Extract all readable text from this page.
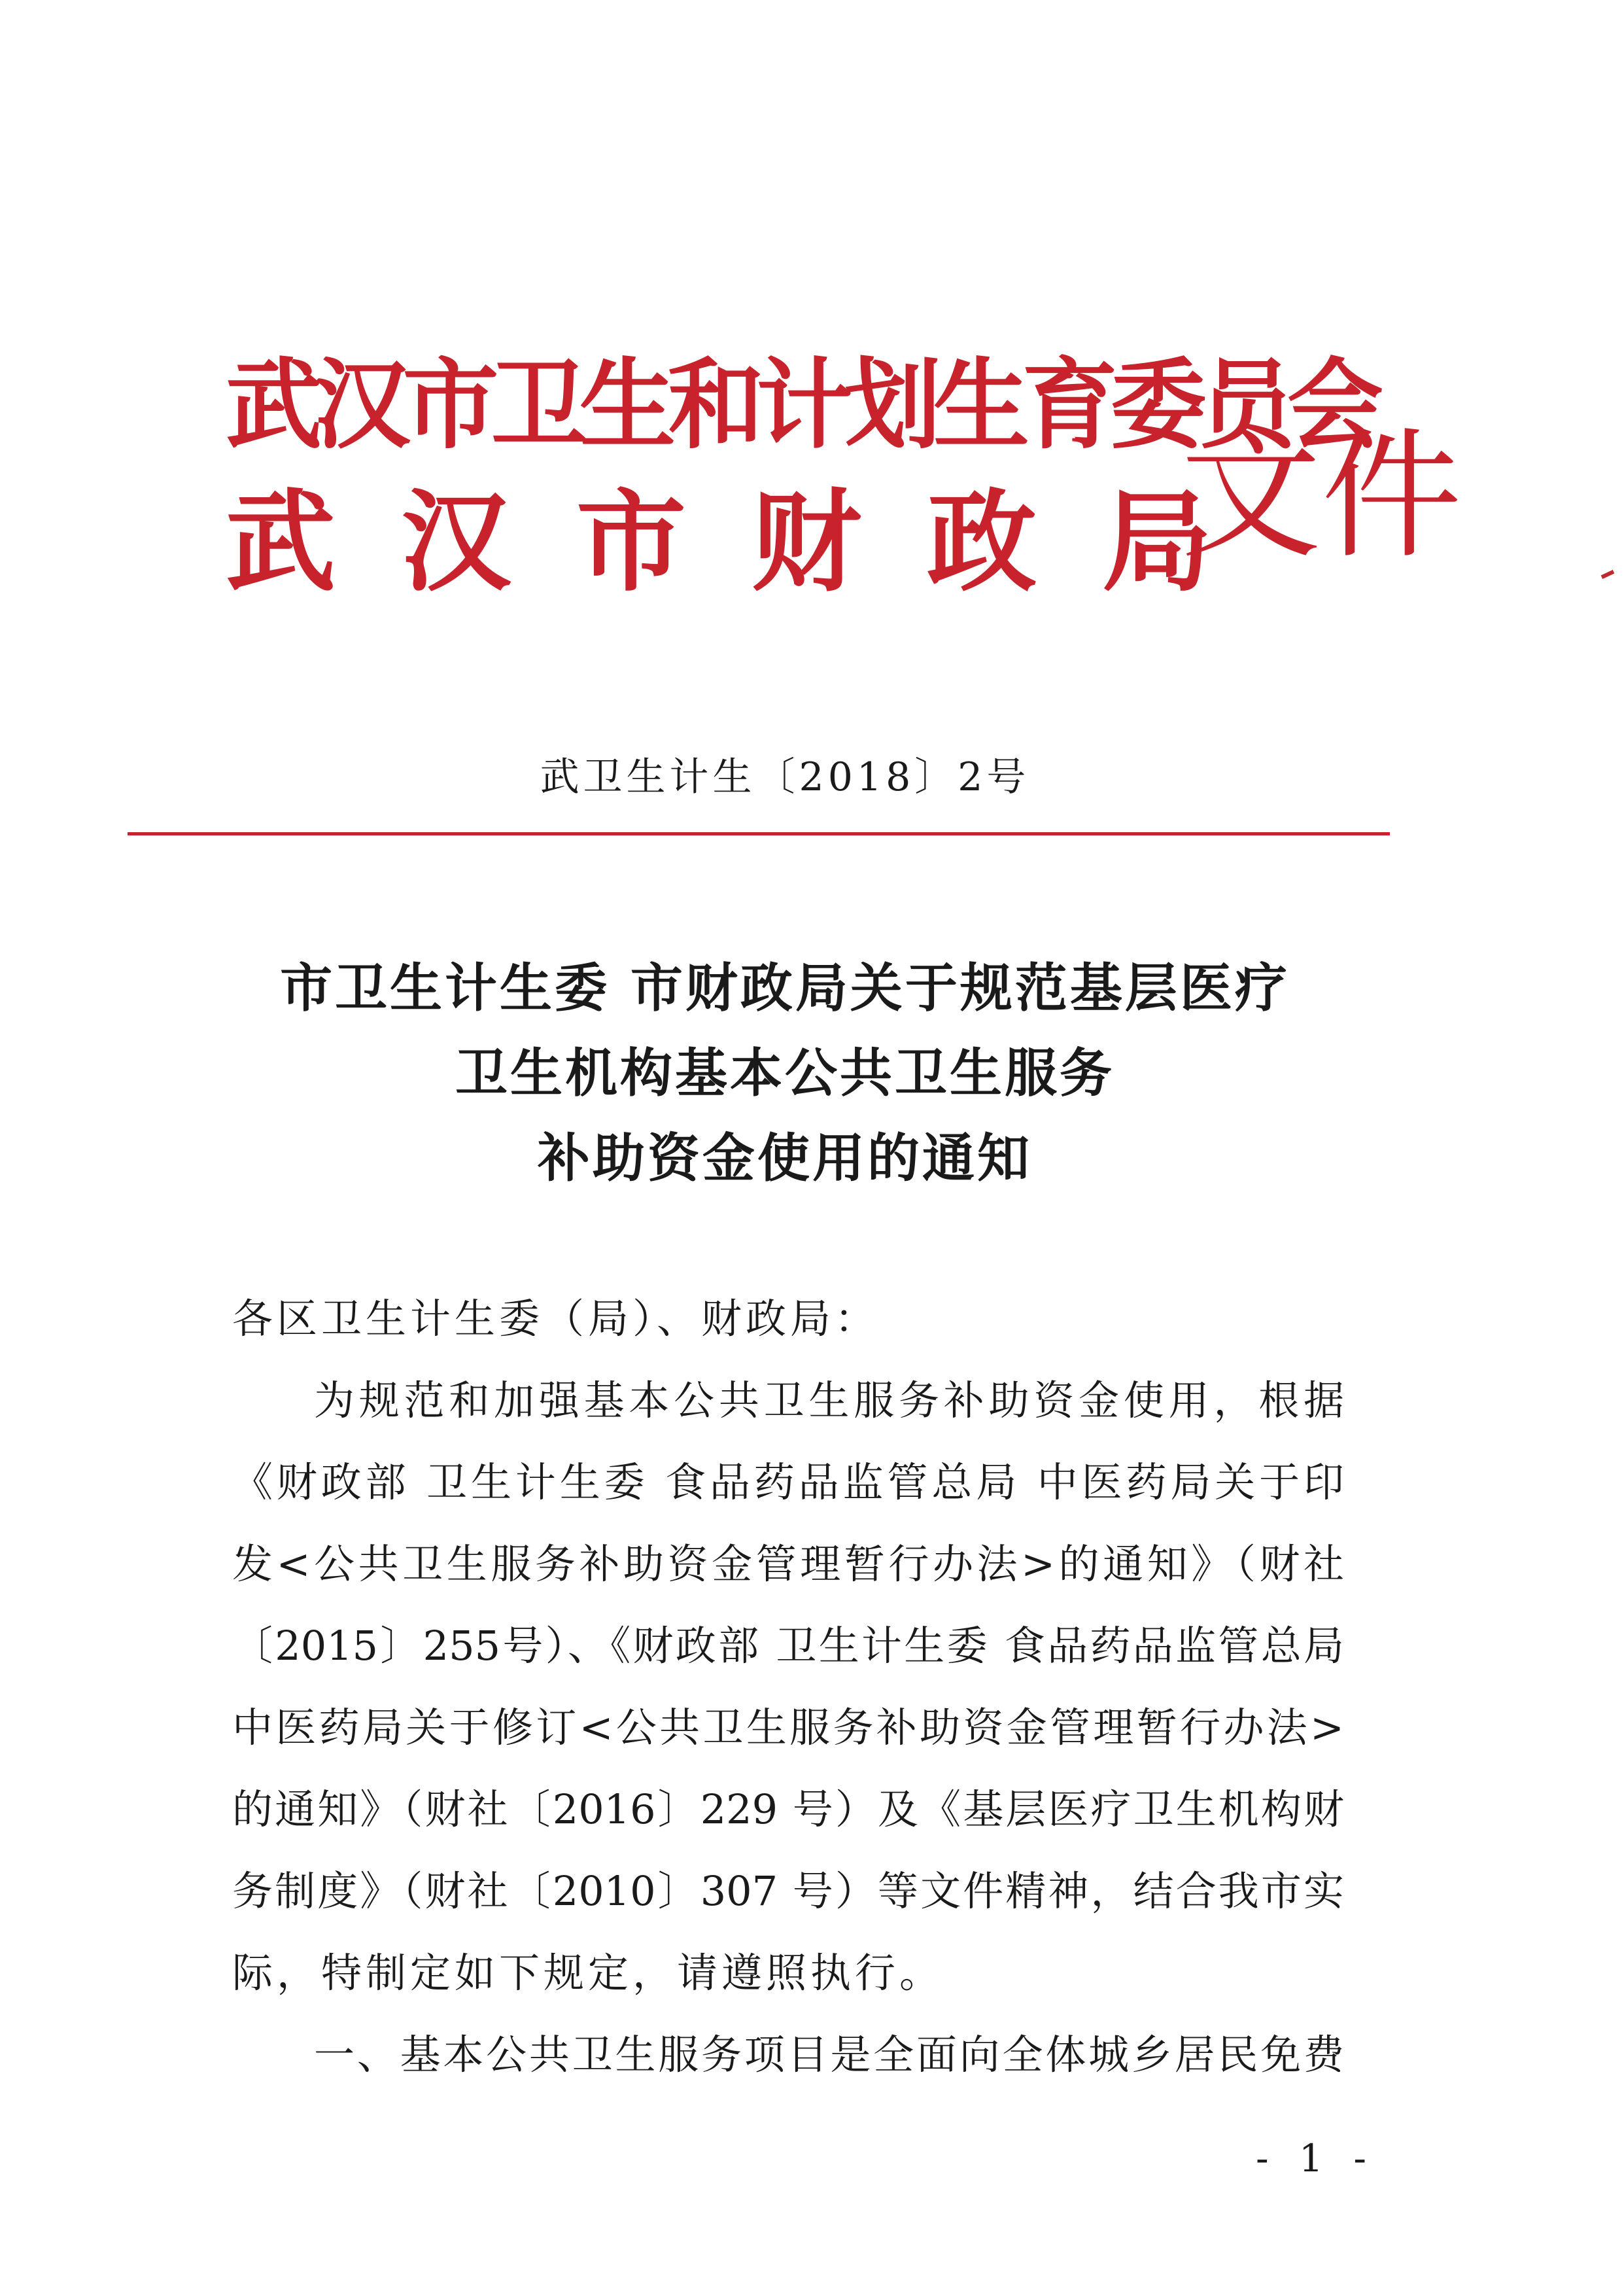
武汉市卫生和计划生育委员会
武汉市财政局
文件
武卫生计生〔2018〕2号
市卫生计生委 市财政局关于规范基层医疗
卫生机构基本公共卫生服务
补助资金使用的通知
各区卫生计生委（局）、财政局：
为规范和加强基本公共卫生服务补助资金使用，根据
《财政部 卫生计生委 食品药品监管总局 中医药局关于印
发<公共卫生服务补助资金管理暂行办法>的通知》（财社
〔2015〕255号）、《财政部 卫生计生委 食品药品监管总局
中医药局关于修订<公共卫生服务补助资金管理暂行办法>
的通知》（财社〔2016〕229 号）及《基层医疗卫生机构财
务制度》（财社〔2010〕307 号）等文件精神，结合我市实
际，特制定如下规定，请遵照执行。
一、基本公共卫生服务项目是全面向全体城乡居民免费
- 1 -
